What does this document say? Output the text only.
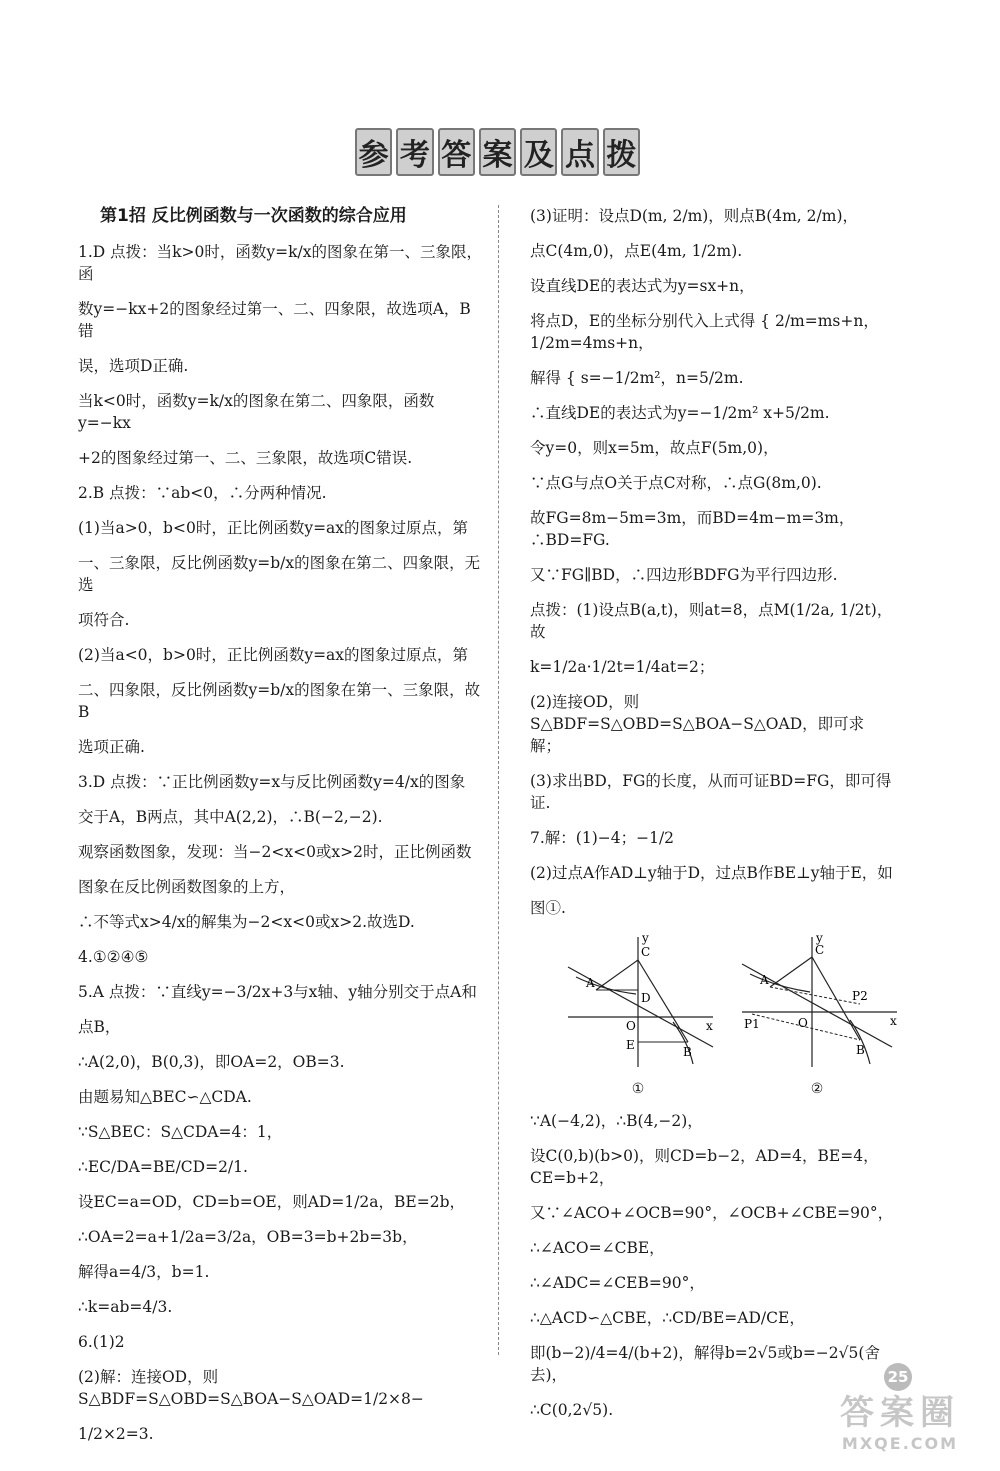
参 考 答 案 及 点 拨
第1招 反比例函数与一次函数的综合应用
1.D 点拨：当k>0时，函数y=k/x的图象在第一、三象限，函
数y=−kx+2的图象经过第一、二、四象限，故选项A，B错
误，选项D正确.
当k<0时，函数y=k/x的图象在第二、四象限，函数y=−kx
+2的图象经过第一、二、三象限，故选项C错误.
2.B 点拨：∵ab<0，∴分两种情况.
(1)当a>0，b<0时，正比例函数y=ax的图象过原点，第
一、三象限，反比例函数y=b/x的图象在第二、四象限，无选
项符合.
(2)当a<0，b>0时，正比例函数y=ax的图象过原点，第
二、四象限，反比例函数y=b/x的图象在第一、三象限，故B
选项正确.
3.D 点拨：∵正比例函数y=x与反比例函数y=4/x的图象
交于A，B两点，其中A(2,2)，∴B(−2,−2).
观察函数图象，发现：当−2<x<0或x>2时，正比例函数
图象在反比例函数图象的上方，
∴不等式x>4/x的解集为−2<x<0或x>2.故选D.
4.①②④⑤
5.A 点拨：∵直线y=−3/2x+3与x轴、y轴分别交于点A和
点B，
∴A(2,0)，B(0,3)，即OA=2，OB=3.
由题易知△BEC∽△CDA.
∵S△BEC：S△CDA=4：1，
∴EC/DA=BE/CD=2/1.
设EC=a=OD，CD=b=OE，则AD=1/2a，BE=2b，
∴OA=2=a+1/2a=3/2a，OB=3=b+2b=3b，
解得a=4/3，b=1.
∴k=ab=4/3.
6.(1)2
(2)解：连接OD，则S△BDF=S△OBD=S△BOA−S△OAD=1/2×8−
1/2×2=3.
(3)证明：设点D(m, 2/m)，则点B(4m, 2/m)，
点C(4m,0)，点E(4m, 1/2m).
设直线DE的表达式为y=sx+n，
将点D，E的坐标分别代入上式得 { 2/m=ms+n，1/2m=4ms+n，
解得 { s=−1/2m²，n=5/2m.
∴直线DE的表达式为y=−1/2m² x+5/2m.
令y=0，则x=5m，故点F(5m,0)，
∵点G与点O关于点C对称，∴点G(8m,0).
故FG=8m−5m=3m，而BD=4m−m=3m，∴BD=FG.
又∵FG∥BD，∴四边形BDFG为平行四边形.
点拨：(1)设点B(a,t)，则at=8，点M(1/2a, 1/2t)，故
k=1/2a·1/2t=1/4at=2；
(2)连接OD，则S△BDF=S△OBD=S△BOA−S△OAD，即可求解；
(3)求出BD，FG的长度，从而可证BD=FG，即可得证.
7.解：(1)−4；−1/2
(2)过点A作AD⊥y轴于D，过点B作BE⊥y轴于E，如
图①.
A
C
D
O
E	B
x
y
①
A
C
P2
P1	O
B
x
y
②
∵A(−4,2)，∴B(4,−2)，
设C(0,b)(b>0)，则CD=b−2，AD=4，BE=4，CE=b+2，
又∵∠ACO+∠OCB=90°，∠OCB+∠CBE=90°，
∴∠ACO=∠CBE，
∴∠ADC=∠CEB=90°，
∴△ACD∽△CBE，∴CD/BE=AD/CE，
即(b−2)/4=4/(b+2)，解得b=2√5或b=−2√5(舍去)，
∴C(0,2√5).
25
答案圈
MXQE.COM
